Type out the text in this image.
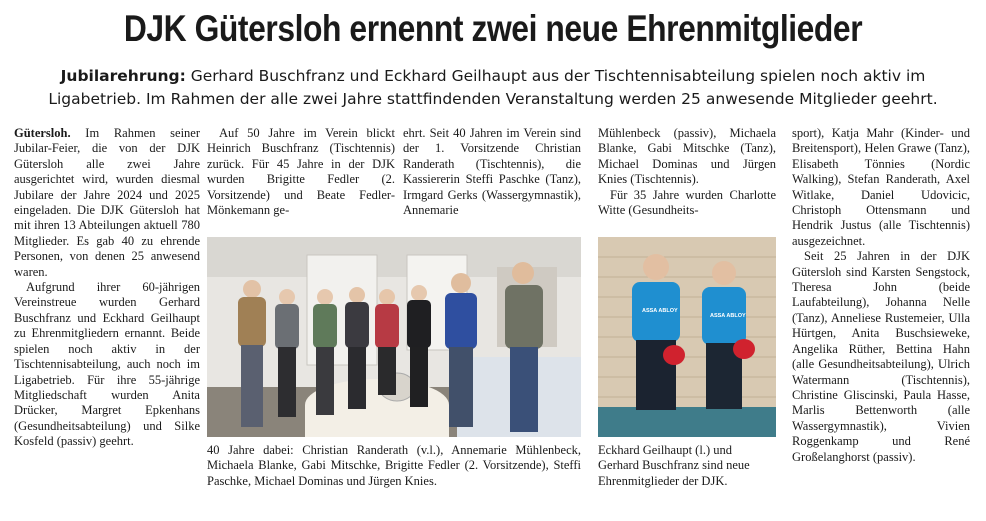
DJK Gütersloh ernennt zwei neue Ehrenmitglieder
Jubilarehrung: Gerhard Buschfranz und Eckhard Geilhaupt aus der Tischtennisabteilung spielen noch aktiv im Ligabetrieb. Im Rahmen der alle zwei Jahre stattfindenden Veranstaltung werden 25 anwesende Mitglieder geehrt.

Gütersloh. Im Rahmen seiner Jubilar-Feier, die von der DJK Gütersloh alle zwei Jahre ausgerichtet wird, wurden diesmal Jubilare der Jahre 2024 und 2025 eingeladen. Die DJK Gütersloh hat mit ihren 13 Abteilungen aktuell 780 Mitglieder. Es gab 40 zu ehrende Personen, von denen 25 anwesend waren.

Aufgrund ihrer 60-jährigen Vereinstreue wurden Gerhard Buschfranz und Eckhard Geilhaupt zu Ehrenmitgliedern ernannt. Beide spielen noch aktiv in der Tischtennisabteilung, auch noch im Ligabetrieb. Für ihre 55-jährige Mitgliedschaft wurden Anita Drücker, Margret Epkenhans (Gesundheitsabteilung) und Silke Kosfeld (passiv) geehrt.

Auf 50 Jahre im Verein blickt Heinrich Buschfranz (Tischtennis) zurück. Für 45 Jahre in der DJK wurden Brigitte Fedler (2. Vorsitzende) und Beate Fedler-Mönkemann ge-

ehrt. Seit 40 Jahren im Verein sind der 1. Vorsitzende Christian Randerath (Tischtennis), die Kassiererin Steffi Paschke (Tanz), Irmgard Gerks (Wassergymnastik), Annemarie

Mühlenbeck (passiv), Michaela Blanke, Gabi Mitschke (Tanz), Michael Dominas und Jürgen Knies (Tischtennis).

Für 35 Jahre wurden Charlotte Witte (Gesundheits-

sport), Katja Mahr (Kinder- und Breitensport), Helen Grawe (Tanz), Elisabeth Tönnies (Nordic Walking), Stefan Randerath, Axel Witlake, Daniel Udovicic, Christoph Ottensmann und Hendrik Justus (alle Tischtennis) ausgezeichnet.

Seit 25 Jahren in der DJK Gütersloh sind Karsten Sengstock, Theresa John (beide Laufabteilung), Johanna Nelle (Tanz), Anneliese Rustemeier, Ulla Hürtgen, Anita Buschsieweke, Angelika Rüther, Bettina Hahn (alle Gesundheitsabteilung), Ulrich Watermann (Tischtennis), Christine Gliscinski, Paula Hasse, Marlis Bettenworth (alle Wassergymnastik), Vivien Roggenkamp und René Großelanghorst (passiv).

ASSA ABLOY
ASSA ABLOY
40 Jahre dabei: Christian Randerath (v.l.), Annemarie Mühlenbeck, Michaela Blanke, Gabi Mitschke, Brigitte Fedler (2. Vorsitzende), Steffi Paschke, Michael Dominas und Jürgen Knies.
Eckhard Geilhaupt (l.) und Gerhard Buschfranz sind neue Ehrenmitglieder der DJK.
